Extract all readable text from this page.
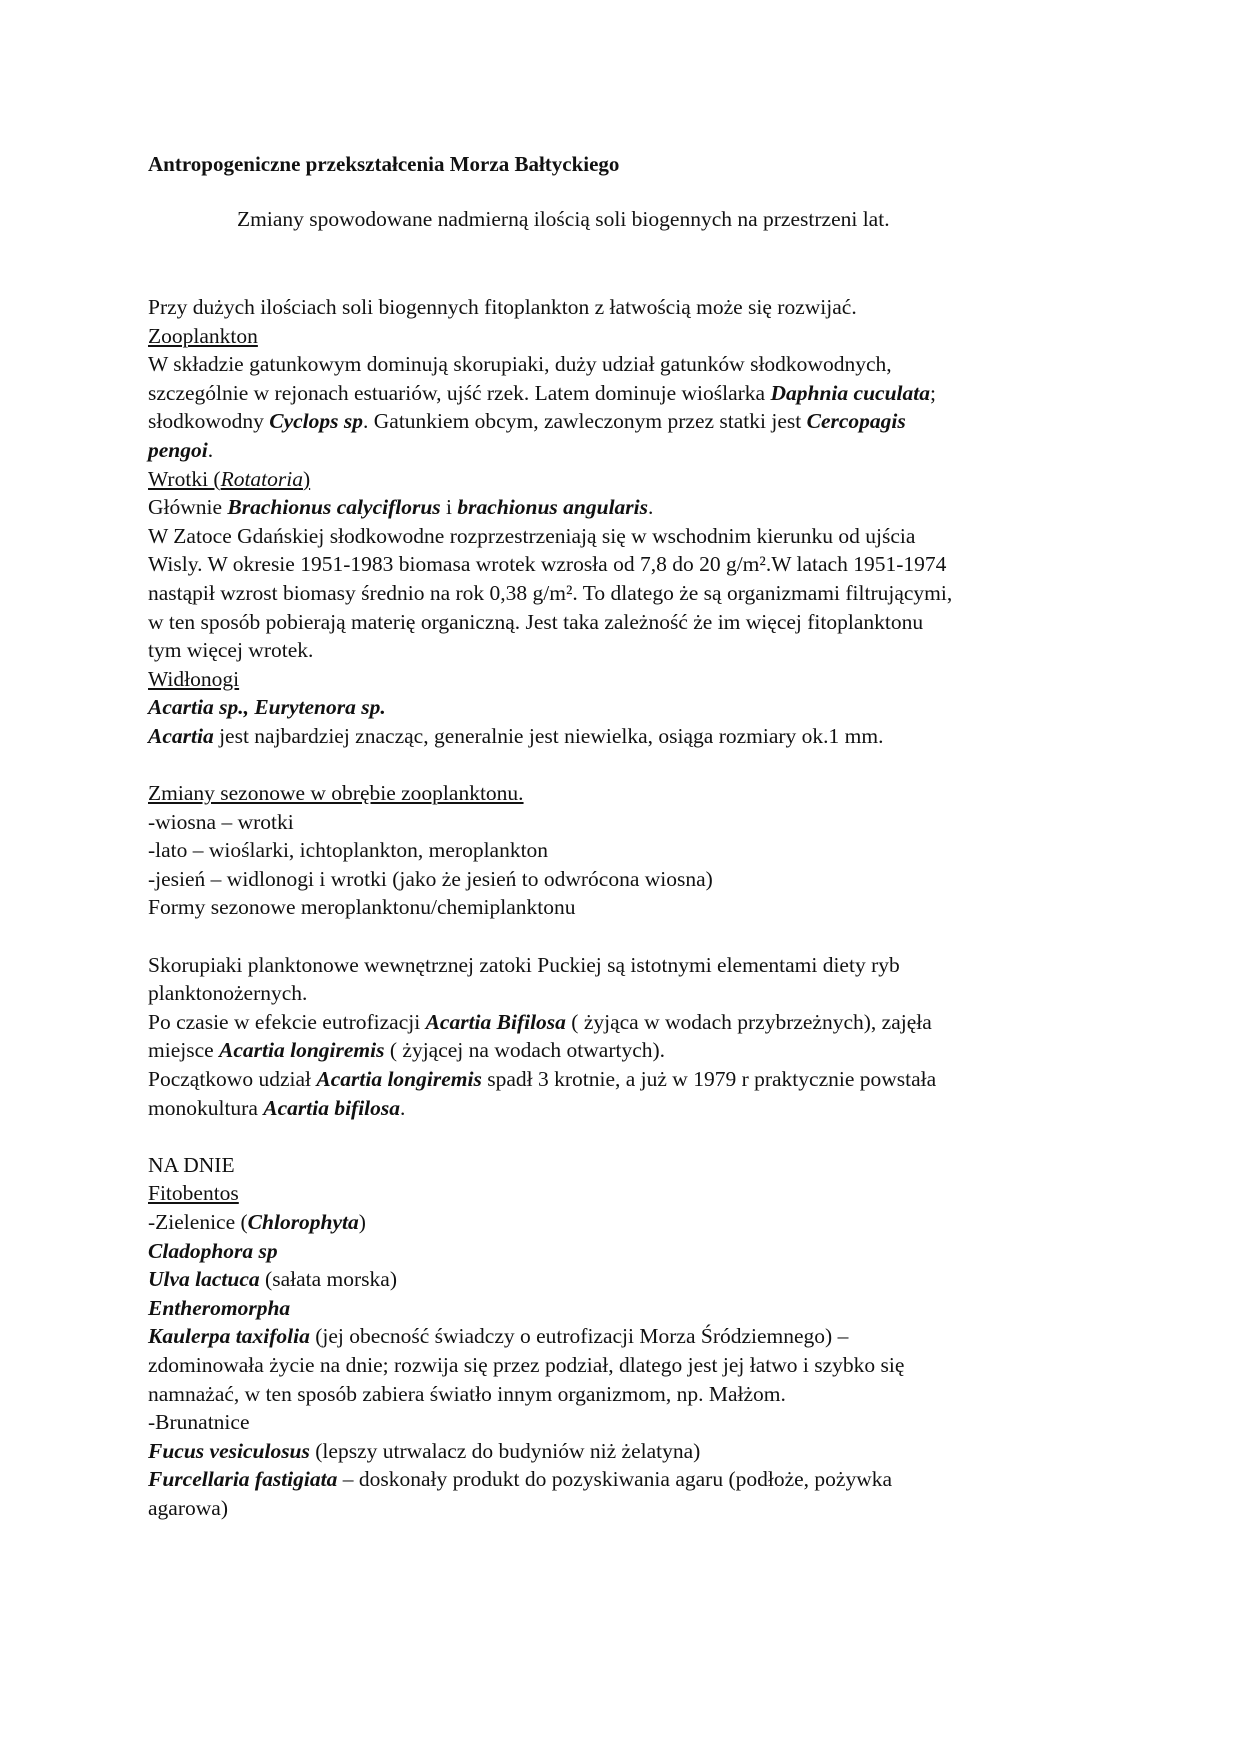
Antropogeniczne przekształcenia Morza Bałtyckiego
Zmiany spowodowane nadmierną ilością soli biogennych na przestrzeni lat.
Przy dużych ilościach soli biogennych fitoplankton z łatwością może się rozwijać.
Zooplankton
W składzie gatunkowym dominują skorupiaki, duży udział gatunków słodkowodnych,
szczególnie w rejonach estuariów, ujść rzek. Latem dominuje wioślarka Daphnia cuculata;
słodkowodny Cyclops sp. Gatunkiem obcym, zawleczonym przez statki jest Cercopagis
pengoi.
Wrotki (Rotatoria)
Głównie Brachionus calyciflorus i brachionus angularis.
W Zatoce Gdańskiej słodkowodne rozprzestrzeniają się w wschodnim kierunku od ujścia
Wisly. W okresie 1951-1983 biomasa wrotek wzrosła od 7,8 do 20 g/m².W latach 1951-1974
nastąpił wzrost biomasy średnio na rok 0,38 g/m². To dlatego że są organizmami filtrującymi,
w ten sposób pobierają materię organiczną. Jest taka zależność że im więcej fitoplanktonu
tym więcej wrotek.
Widłonogi
Acartia sp., Eurytenora sp.
Acartia jest najbardziej znacząc, generalnie jest niewielka, osiąga rozmiary ok.1 mm.
Zmiany sezonowe w obrębie zooplanktonu.
-wiosna – wrotki
-lato – wioślarki, ichtoplankton, meroplankton
-jesień – widlonogi i wrotki (jako że jesień to odwrócona wiosna)
Formy sezonowe meroplanktonu/chemiplanktonu
Skorupiaki planktonowe wewnętrznej zatoki Puckiej są istotnymi elementami diety ryb
planktonożernych.
Po czasie w efekcie eutrofizacji Acartia Bifilosa ( żyjąca w wodach przybrzeżnych), zajęła
miejsce Acartia longiremis ( żyjącej na wodach otwartych).
Początkowo udział Acartia longiremis spadł 3 krotnie, a już w 1979 r praktycznie powstała
monokultura Acartia bifilosa.
NA DNIE
Fitobentos
-Zielenice (Chlorophyta)
Cladophora sp
Ulva lactuca (sałata morska)
Entheromorpha
Kaulerpa taxifolia (jej obecność świadczy o eutrofizacji Morza Śródziemnego) –
zdominowała życie na dnie; rozwija się przez podział, dlatego jest jej łatwo i szybko się
namnażać, w ten sposób zabiera światło innym organizmom, np. Małżom.
-Brunatnice
Fucus vesiculosus (lepszy utrwalacz do budyniów niż żelatyna)
Furcellaria fastigiata – doskonały produkt do pozyskiwania agaru (podłoże, pożywka
agarowa)
